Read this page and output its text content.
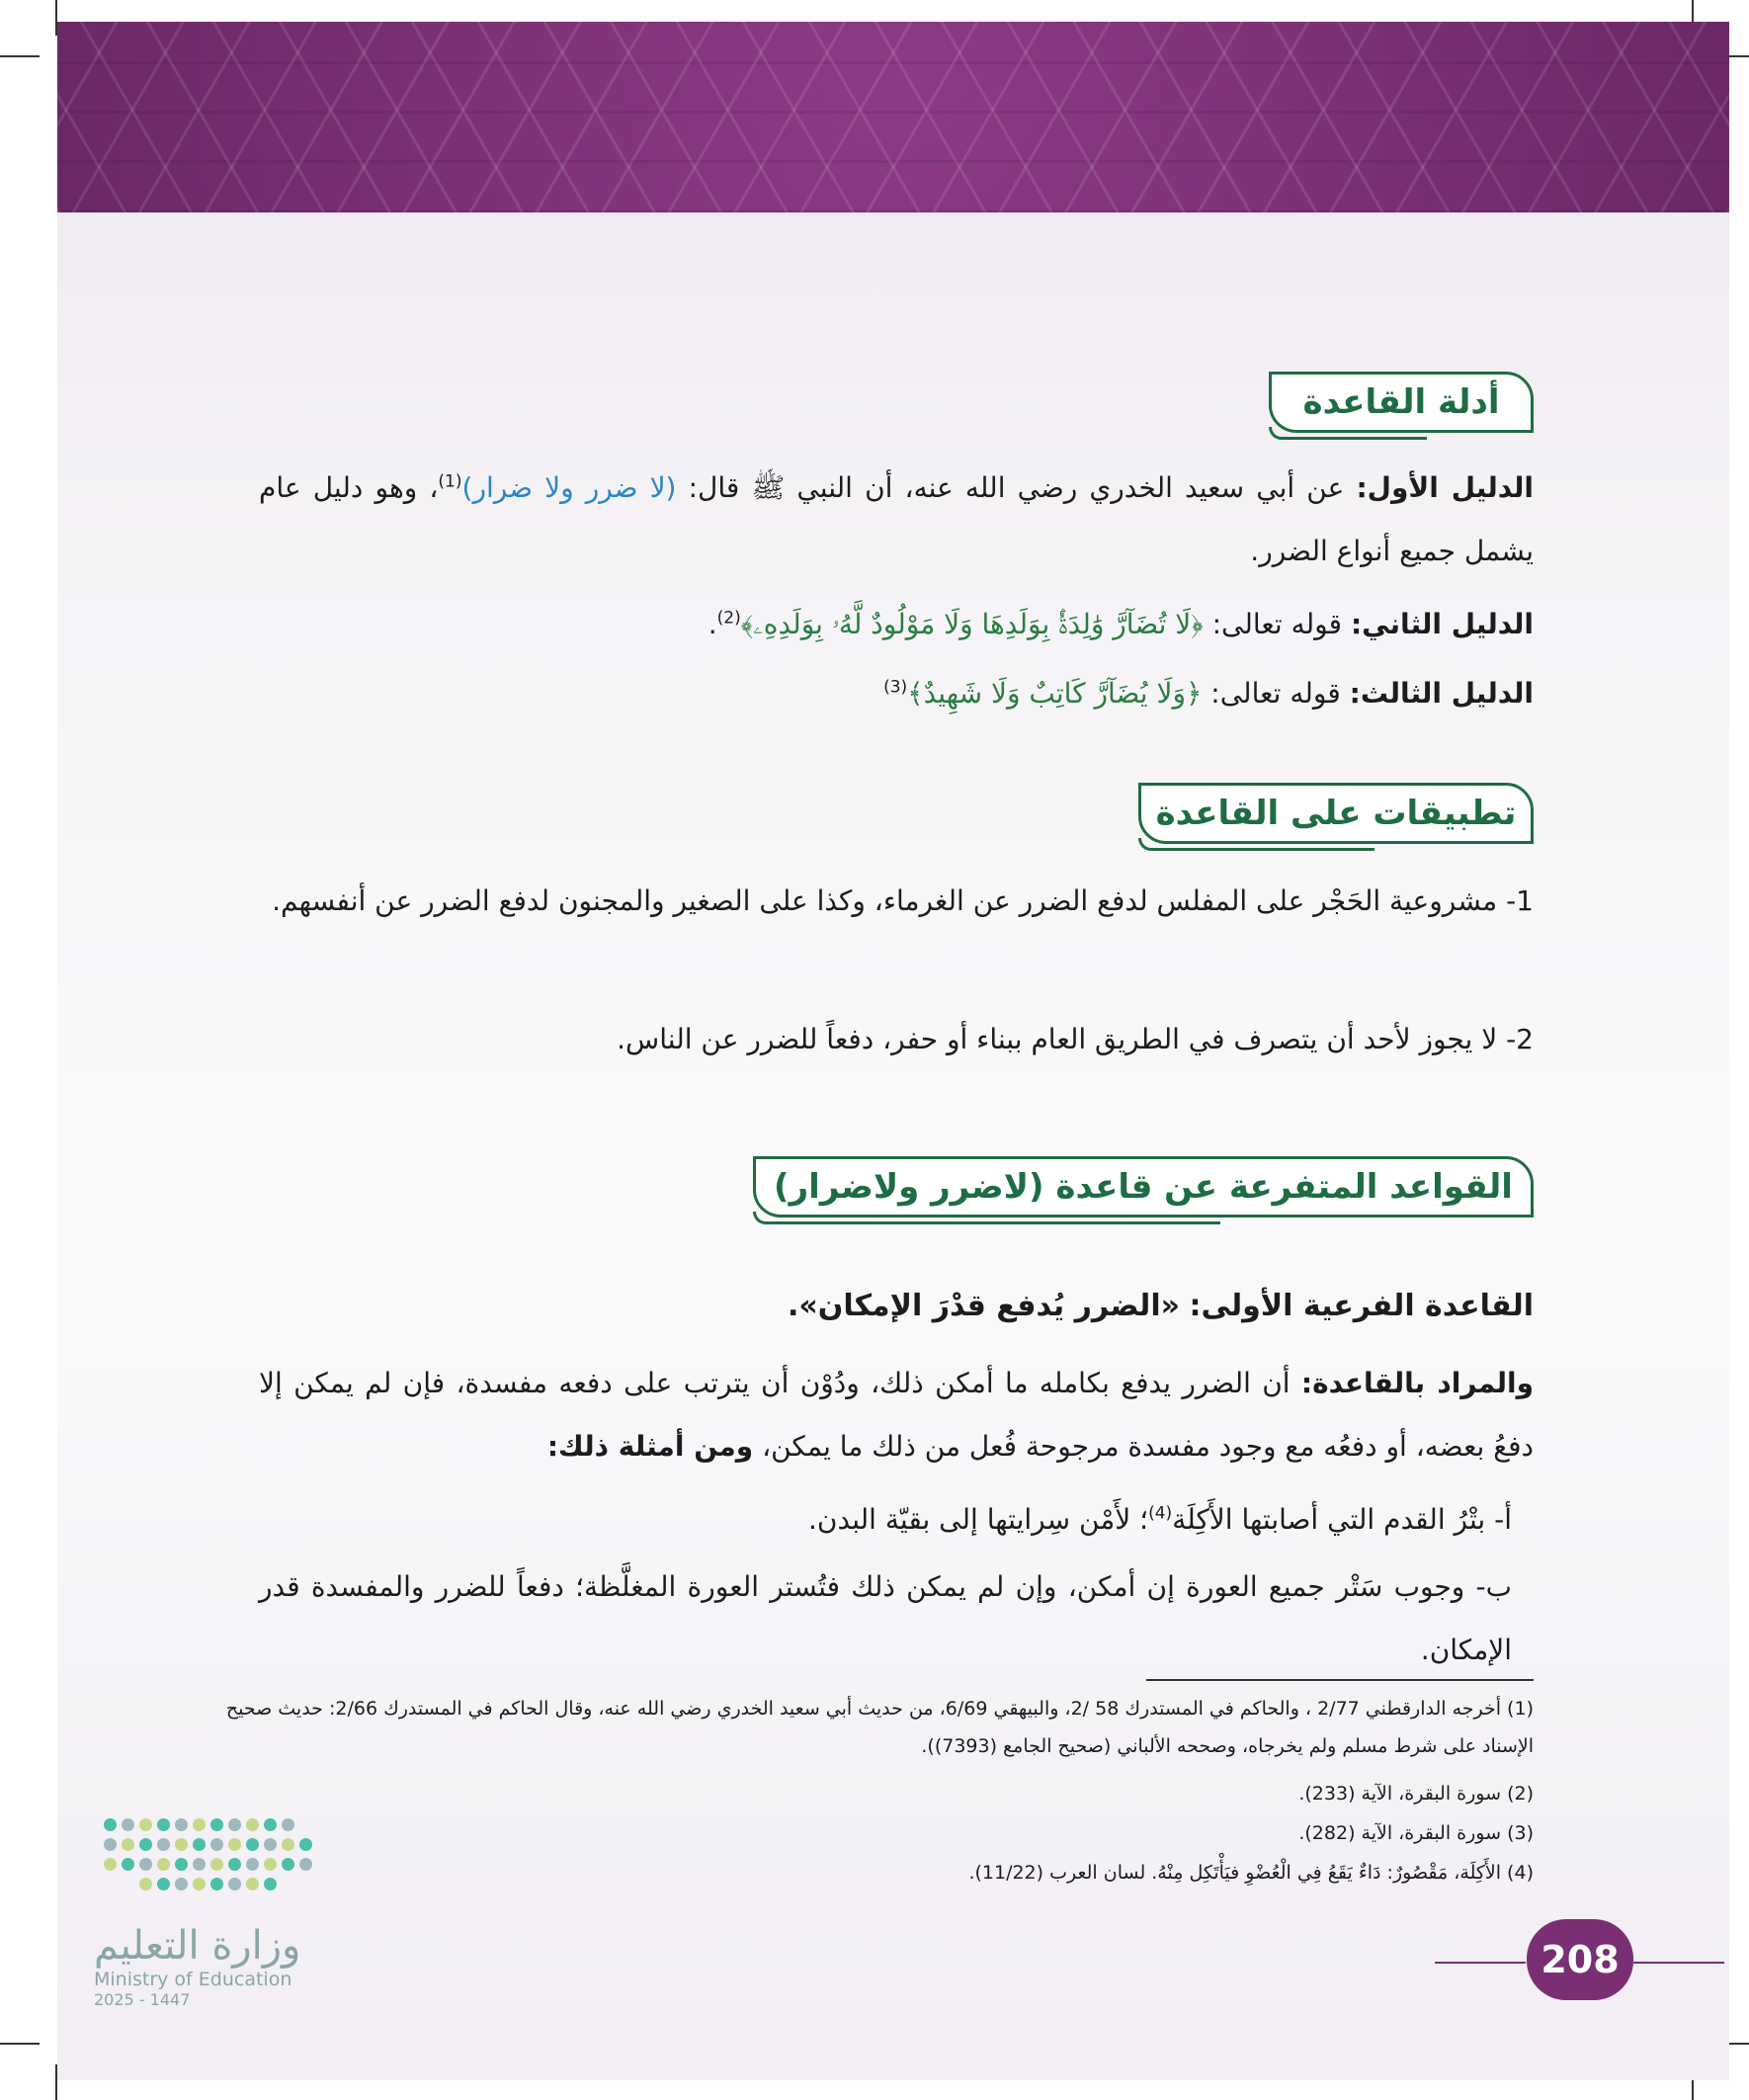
أدلة القاعدة
الدليل الأول: عن أبي سعيد الخدري رضي الله عنه، أن النبي ﷺ قال: (لا ضرر ولا ضرار)$^{(1)}$، وهو دليل عام يشمل جميع أنواع الضرر.
الدليل الثاني: قوله تعالى: ﴿لَا تُضَآرَّ وَٰلِدَةُۢ بِوَلَدِهَا وَلَا مَوْلُودٌ لَّهُۥ بِوَلَدِهِۦ﴾$^{(2)}$.
الدليل الثالث: قوله تعالى: ﴿وَلَا يُضَآرَّ كَاتِبٌ وَلَا شَهِيدٌ﴾$^{(3)}$
تطبيقات على القاعدة
1- مشروعية الحَجْر على المفلس لدفع الضرر عن الغرماء، وكذا على الصغير والمجنون لدفع الضرر عن أنفسهم.
2- لا يجوز لأحد أن يتصرف في الطريق العام ببناء أو حفر، دفعاً للضرر عن الناس.
القواعد المتفرعة عن قاعدة (لاضرر ولاضرار)
القاعدة الفرعية الأولى: «الضرر يُدفع قدْرَ الإمكان».
والمراد بالقاعدة: أن الضرر يدفع بكامله ما أمكن ذلك، ودُوْن أن يترتب على دفعه مفسدة، فإن لم يمكن إلا دفعُ بعضه، أو دفعُه مع وجود مفسدة مرجوحة فُعل من ذلك ما يمكن، ومن أمثلة ذلك:
أ- بتْرُ القدم التي أصابتها الأَكِلَة$^{(4)}$؛ لأَمْن سِرايتها إلى بقيّة البدن.
ب- وجوب سَتْر جميع العورة إن أمكن، وإن لم يمكن ذلك فتُستر العورة المغلَّظة؛ دفعاً للضرر والمفسدة قدر الإمكان.
(1) أخرجه الدارقطني 2/77 ، والحاكم في المستدرك 58 /2، والبيهقي 6/69، من حديث أبي سعيد الخدري رضي الله عنه، وقال الحاكم في المستدرك 2/66: حديث صحيح الإسناد على شرط مسلم ولم يخرجاه، وصححه الألباني (صحيح الجامع (7393)).
(2) سورة البقرة، الآية (233).
(3) سورة البقرة، الآية (282).
(4) الأَكِلَة، مَقْصُورٌ: دَاءٌ يَقَعُ فِي الْعُضْوِ فيَأْتَكِل مِنْهُ. لسان العرب (11/22).
وزارة التعليم
Ministry of Education
2025 - 1447
208
